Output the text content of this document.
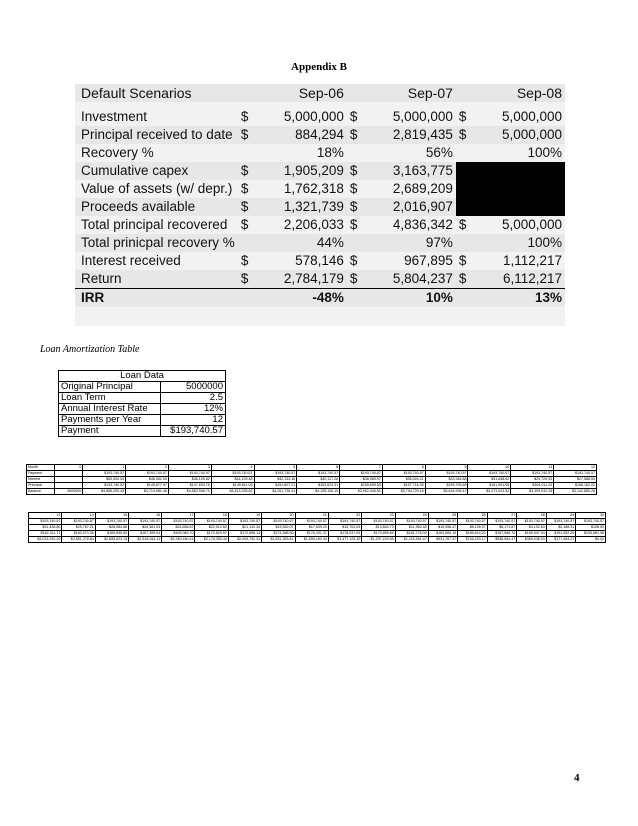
Appendix B
Default Scenarios		Sep-06		Sep-07		Sep-08

Investment	$	5,000,000	$	5,000,000	$	5,000,000
Principal received to date	$	884,294	$	2,819,435	$	5,000,000
Recovery %		18%		56%		100%
Cumulative capex	$	1,905,209	$	3,163,775		
Value of assets (w/ depr.)	$	1,762,318	$	2,689,209		
Proceeds available	$	1,321,739	$	2,016,907		
Total principal recovered	$	2,206,033	$	4,836,342	$	5,000,000
Total prinicpal recovery %		44%		97%		100%
Interest received	$	578,146	$	967,895	$	1,112,217
Return	$	2,784,179	$	5,804,237	$	6,112,217
IRR		-48%		10%		13%
Loan Amortization Table
Loan Data	
Original Principal	5000000
Loan Term	2.5
Annual Interest Rate	12%
Payments per Year	12
Payment	$193,740.57
Month	0	1	2	3	4	5	6	7	8	9	10	11	12
Payment		$193,740.57	$193,740.57	$193,740.57	$193,740.57	$193,740.57	$193,740.57	$193,740.57	$193,740.57	$193,740.57	$193,740.57	$193,740.57	$193,740.57
Interest		$50,000.00	$48,062.59	$46,105.82	$44,129.48	$42,133.36	$40,117.26	$38,080.97	$36,024.21	$33,946.88	$31,848.62	$29,729.33	$27,588.55
Principal		$143,740.57	$145,677.97	$147,634.75	$149,611.09	$151,607.21	$153,623.31	$155,659.59	$157,716.35	$159,793.69	$161,891.95	$164,011.24	$166,152.02
Balance	5000000	$4,856,259.43	$4,710,581.46	$4,562,946.71	$4,413,335.62	$4,261,728.41	$4,108,105.10	$3,952,445.51	$3,794,729.16	$3,634,935.47	$3,473,043.52	$3,309,032.28	$3,142,880.26
13	14	15	16	17	18	19	20	21	22	23	24	25	26	27	28	29	30
$193,740.57	$193,740.57	$193,740.57	$193,740.57	$193,740.57	$193,740.57	$193,740.57	$193,740.57	$193,740.57	$193,740.57	$193,740.57	$193,740.57	$193,740.57	$193,740.57	$193,740.57	$193,740.57	$193,740.57	$193,740.57
$31,428.80	$29,767.21	$28,084.88	$26,381.53	$24,656.87	$22,910.60	$21,142.44	$19,352.07	$17,539.20	$15,703.53	$13,844.73	$11,962.48	$10,056.47	$8,126.37	$6,171.87	$4,192.63	$2,188.31	$158.59
$162,311.77	$163,973.36	$165,655.69	$167,359.04	$169,083.70	$170,829.97	$172,598.13	$174,388.50	$176,201.37	$178,037.04	$179,895.84	$181,778.09	$183,684.10	$185,614.20	$187,568.70	$189,547.94	$191,552.26	$193,581.98
$3,015,252.20	$2,851,278.84	$2,685,623.15	$2,518,264.11	$2,349,180.41	$2,178,350.44	$2,005,752.31	$1,831,363.81	$1,655,162.44	$1,477,125.40	$1,297,229.56	$1,115,451.47	$931,767.37	$746,153.17	$558,584.47	$369,036.53	$177,484.27	$0.00
4
